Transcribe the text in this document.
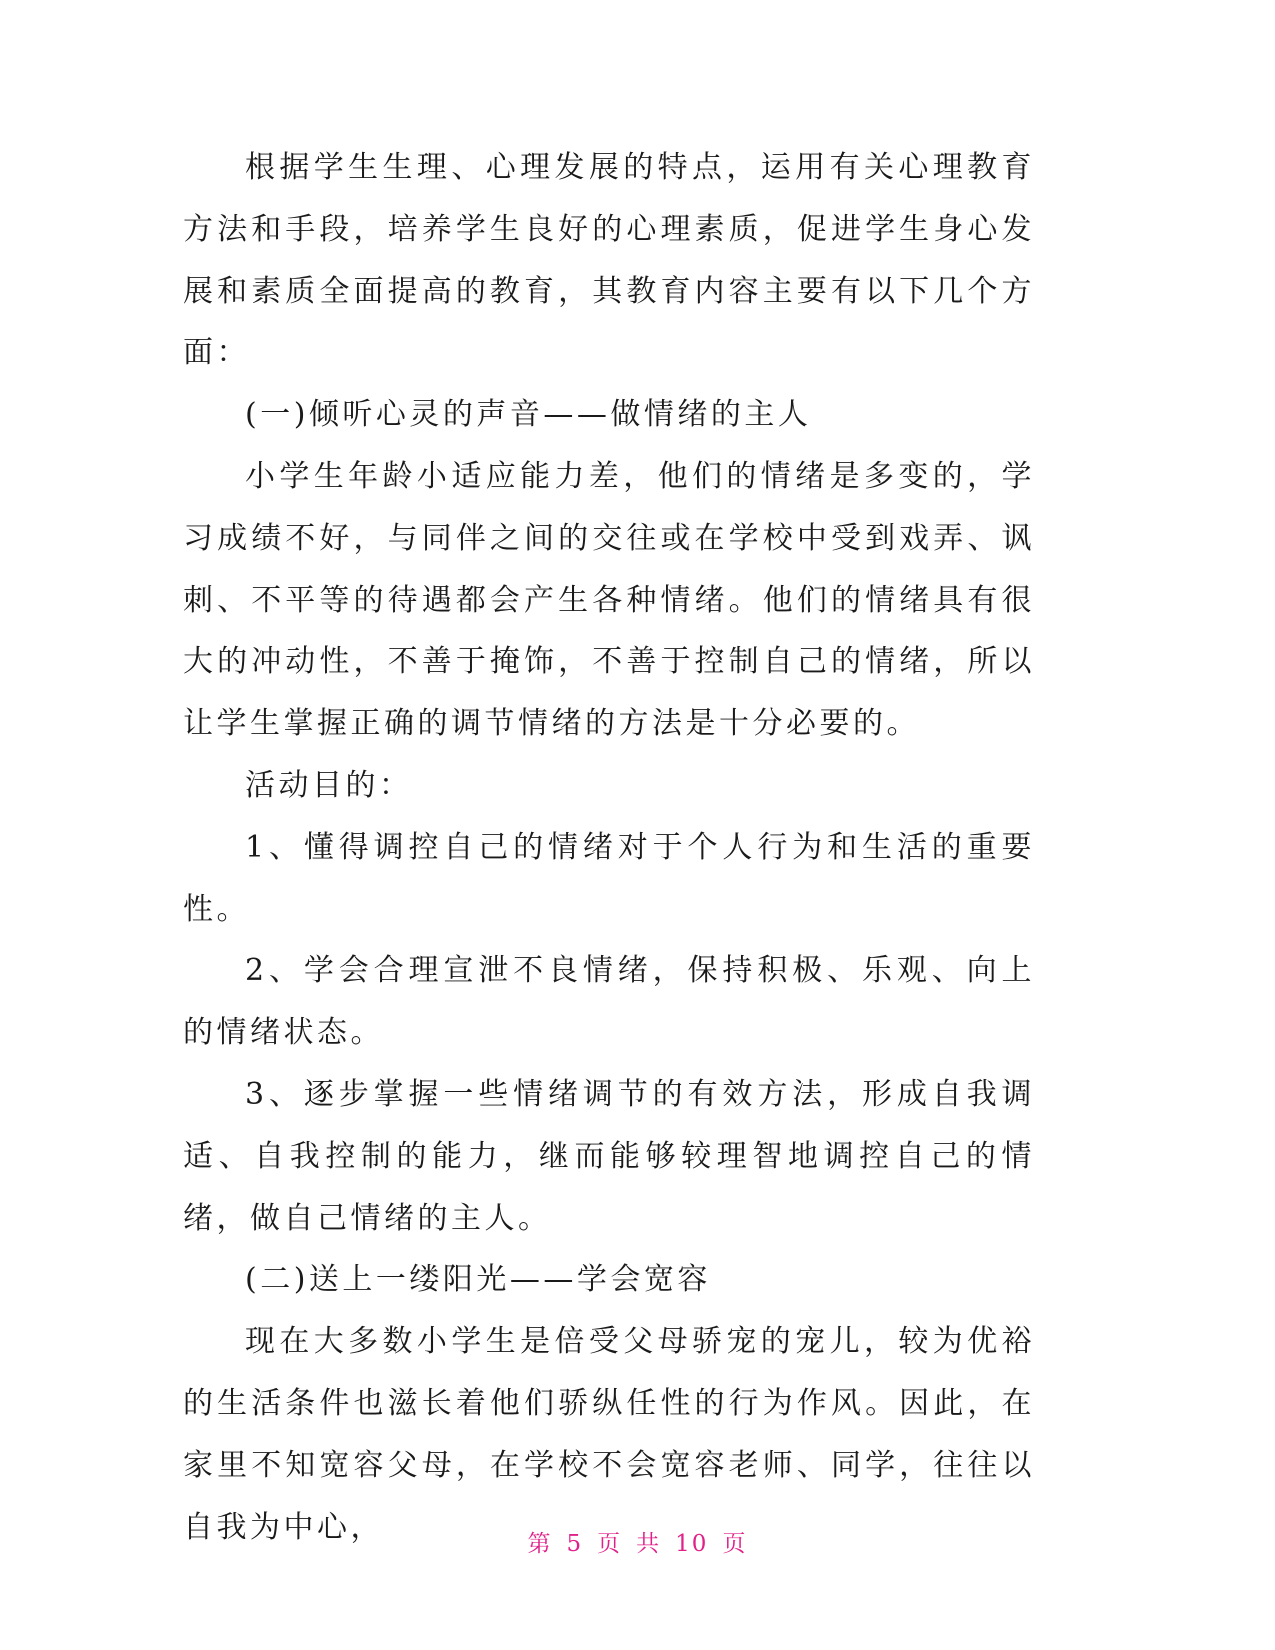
根据学生生理、心理发展的特点，运用有关心理教育方法和手段，培养学生良好的心理素质，促进学生身心发展和素质全面提高的教育，其教育内容主要有以下几个方面：

(一)倾听心灵的声音——做情绪的主人

小学生年龄小适应能力差，他们的情绪是多变的，学习成绩不好，与同伴之间的交往或在学校中受到戏弄、讽刺、不平等的待遇都会产生各种情绪。他们的情绪具有很大的冲动性，不善于掩饰，不善于控制自己的情绪，所以让学生掌握正确的调节情绪的方法是十分必要的。

活动目的：

1、懂得调控自己的情绪对于个人行为和生活的重要性。

2、学会合理宣泄不良情绪，保持积极、乐观、向上的情绪状态。

3、逐步掌握一些情绪调节的有效方法，形成自我调适、自我控制的能力，继而能够较理智地调控自己的情绪，做自己情绪的主人。

(二)送上一缕阳光——学会宽容

现在大多数小学生是倍受父母骄宠的宠儿，较为优裕的生活条件也滋长着他们骄纵任性的行为作风。因此，在家里不知宽容父母，在学校不会宽容老师、同学，往往以自我为中心，	第 5 页 共 10 页
